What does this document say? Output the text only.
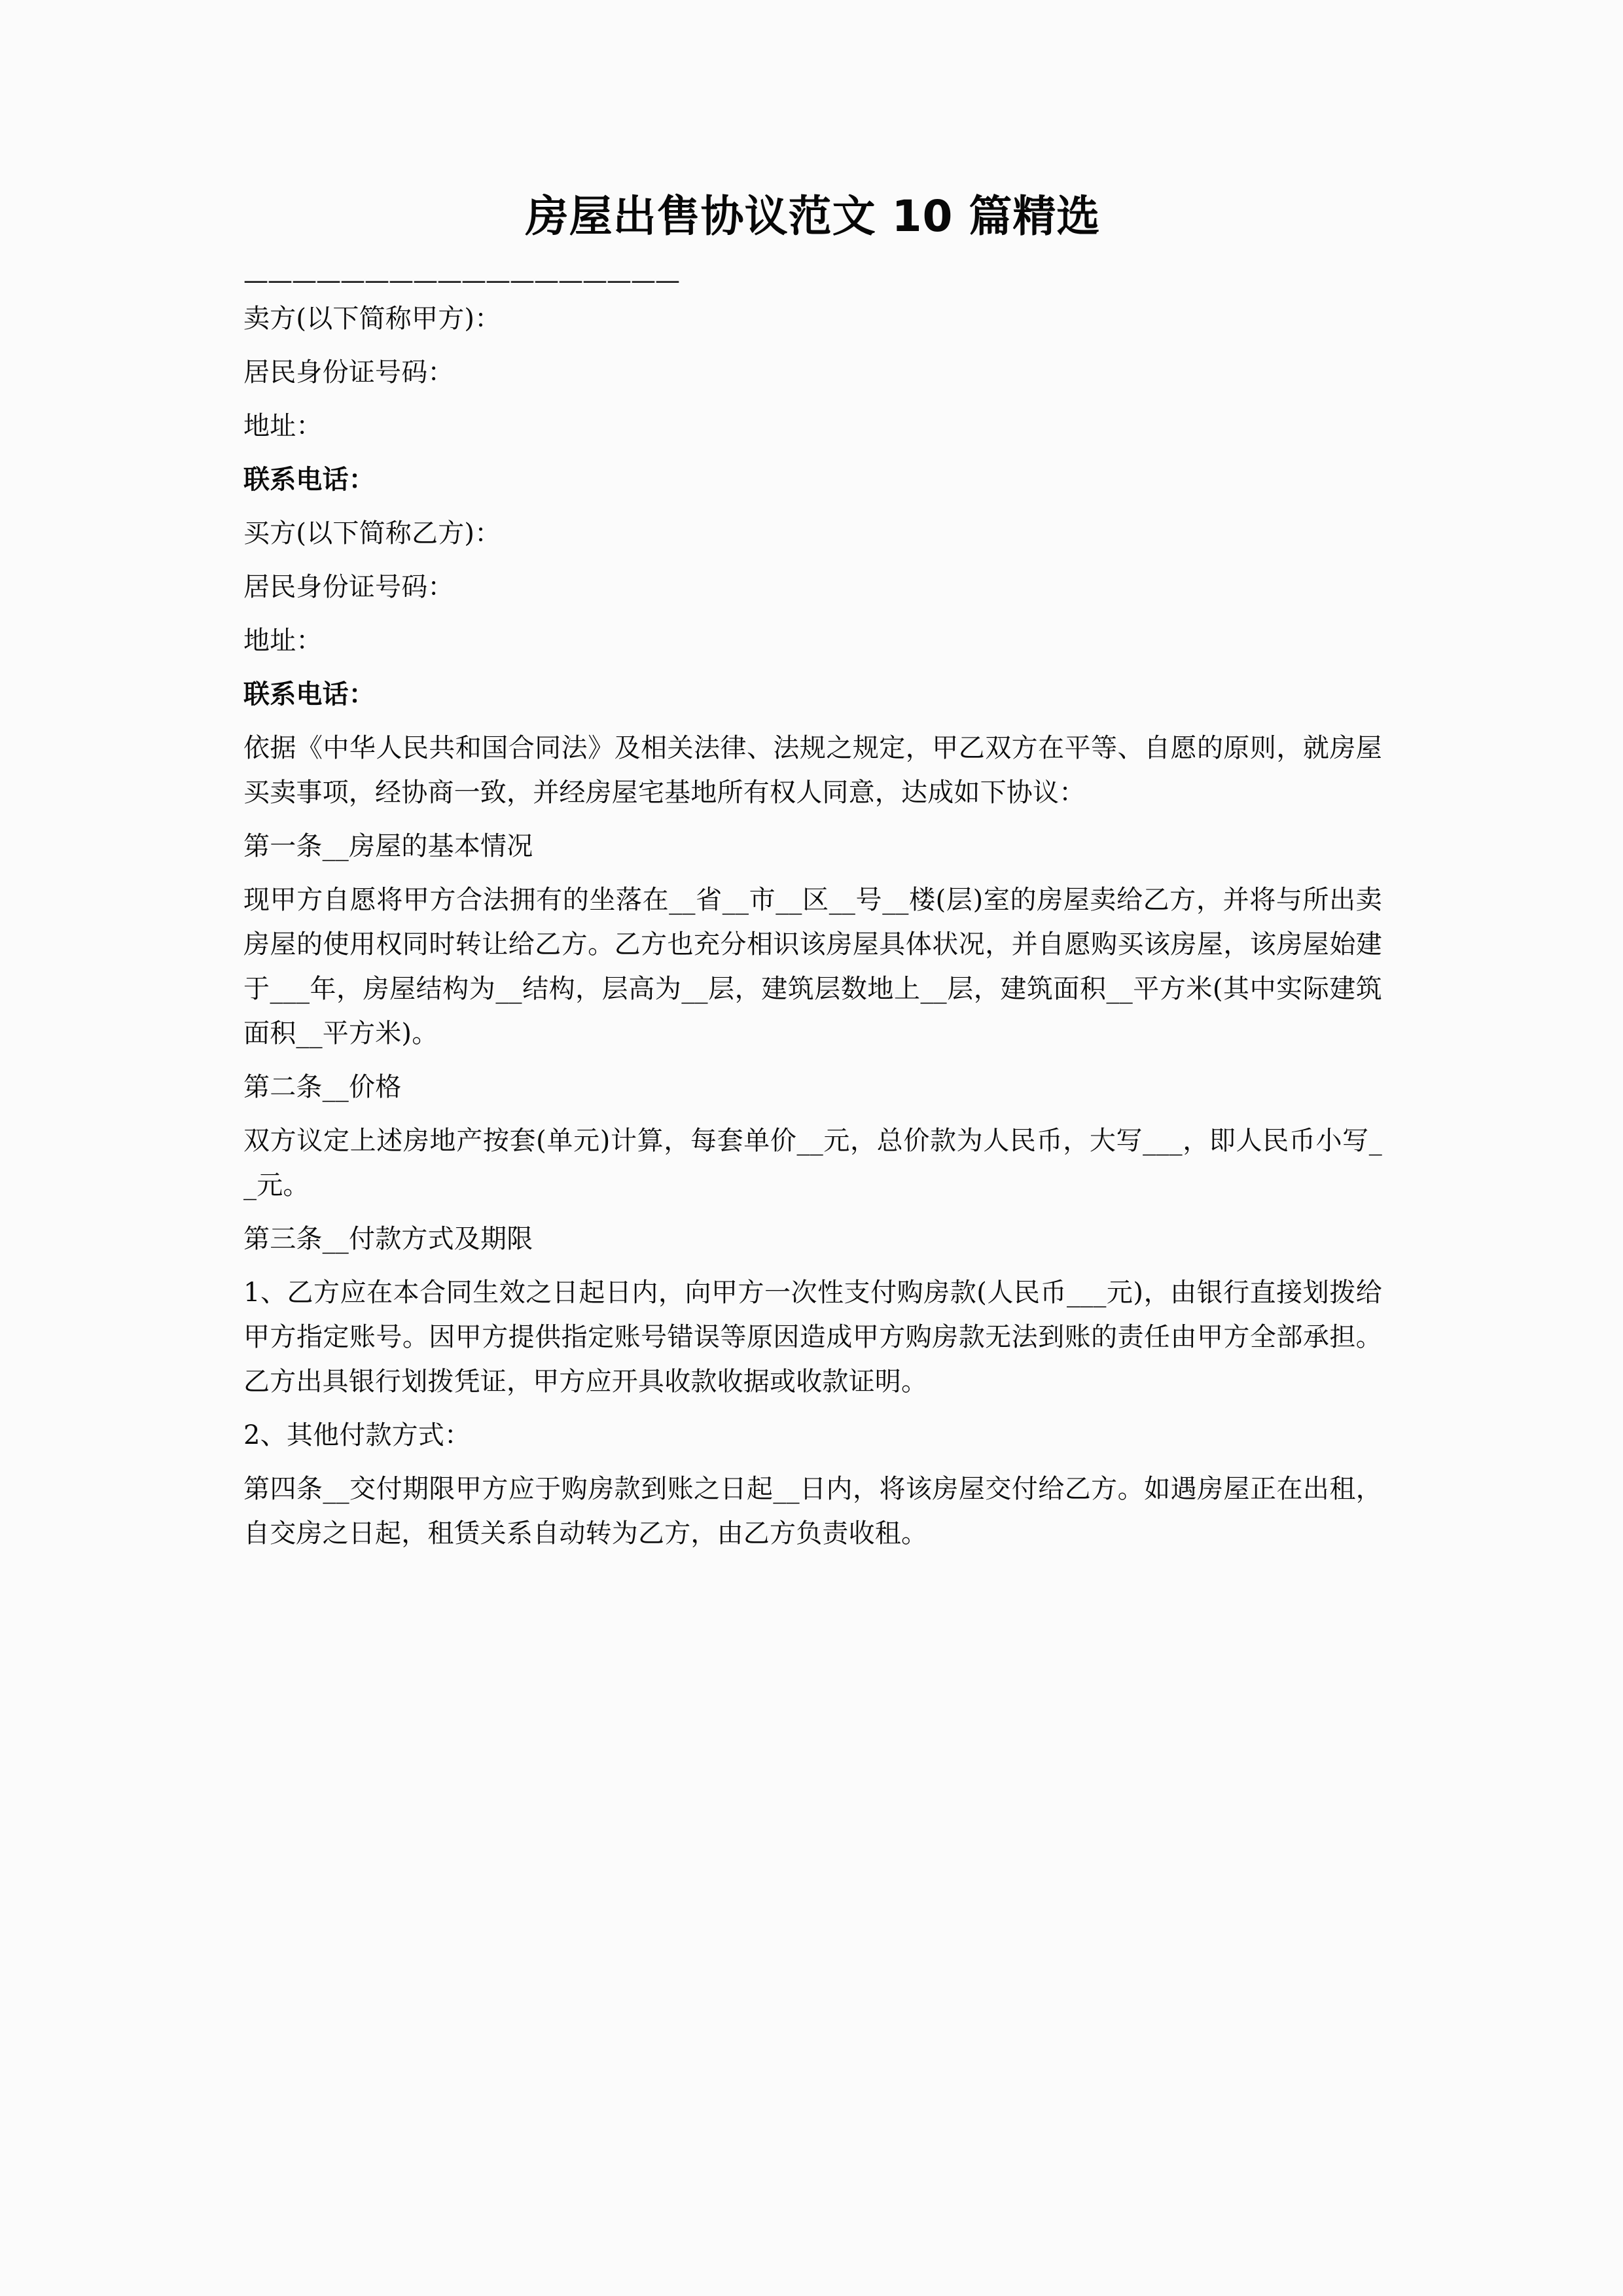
房屋出售协议范文 10 篇精选
——————————————————

卖方(以下简称甲方)：

居民身份证号码：

地址：

联系电话：

买方(以下简称乙方)：

居民身份证号码：

地址：

联系电话：

依据《中华人民共和国合同法》及相关法律、法规之规定，甲乙双方在平等、自愿的原则，就房屋买卖事项，经协商一致，并经房屋宅基地所有权人同意，达成如下协议：

第一条__房屋的基本情况

现甲方自愿将甲方合法拥有的坐落在__省__市__区__号__楼(层)室的房屋卖给乙方，并将与所出卖房屋的使用权同时转让给乙方。乙方也充分相识该房屋具体状况，并自愿购买该房屋，该房屋始建于___年，房屋结构为__结构，层高为__层，建筑层数地上__层，建筑面积__平方米(其中实际建筑面积__平方米)。

第二条__价格

双方议定上述房地产按套(单元)计算，每套单价__元，总价款为人民币，大写___，即人民币小写__元。

第三条__付款方式及期限

1、乙方应在本合同生效之日起日内，向甲方一次性支付购房款(人民币___元)，由银行直接划拨给甲方指定账号。因甲方提供指定账号错误等原因造成甲方购房款无法到账的责任由甲方全部承担。乙方出具银行划拨凭证，甲方应开具收款收据或收款证明。

2、其他付款方式：

第四条__交付期限甲方应于购房款到账之日起__日内，将该房屋交付给乙方。如遇房屋正在出租，自交房之日起，租赁关系自动转为乙方，由乙方负责收租。
